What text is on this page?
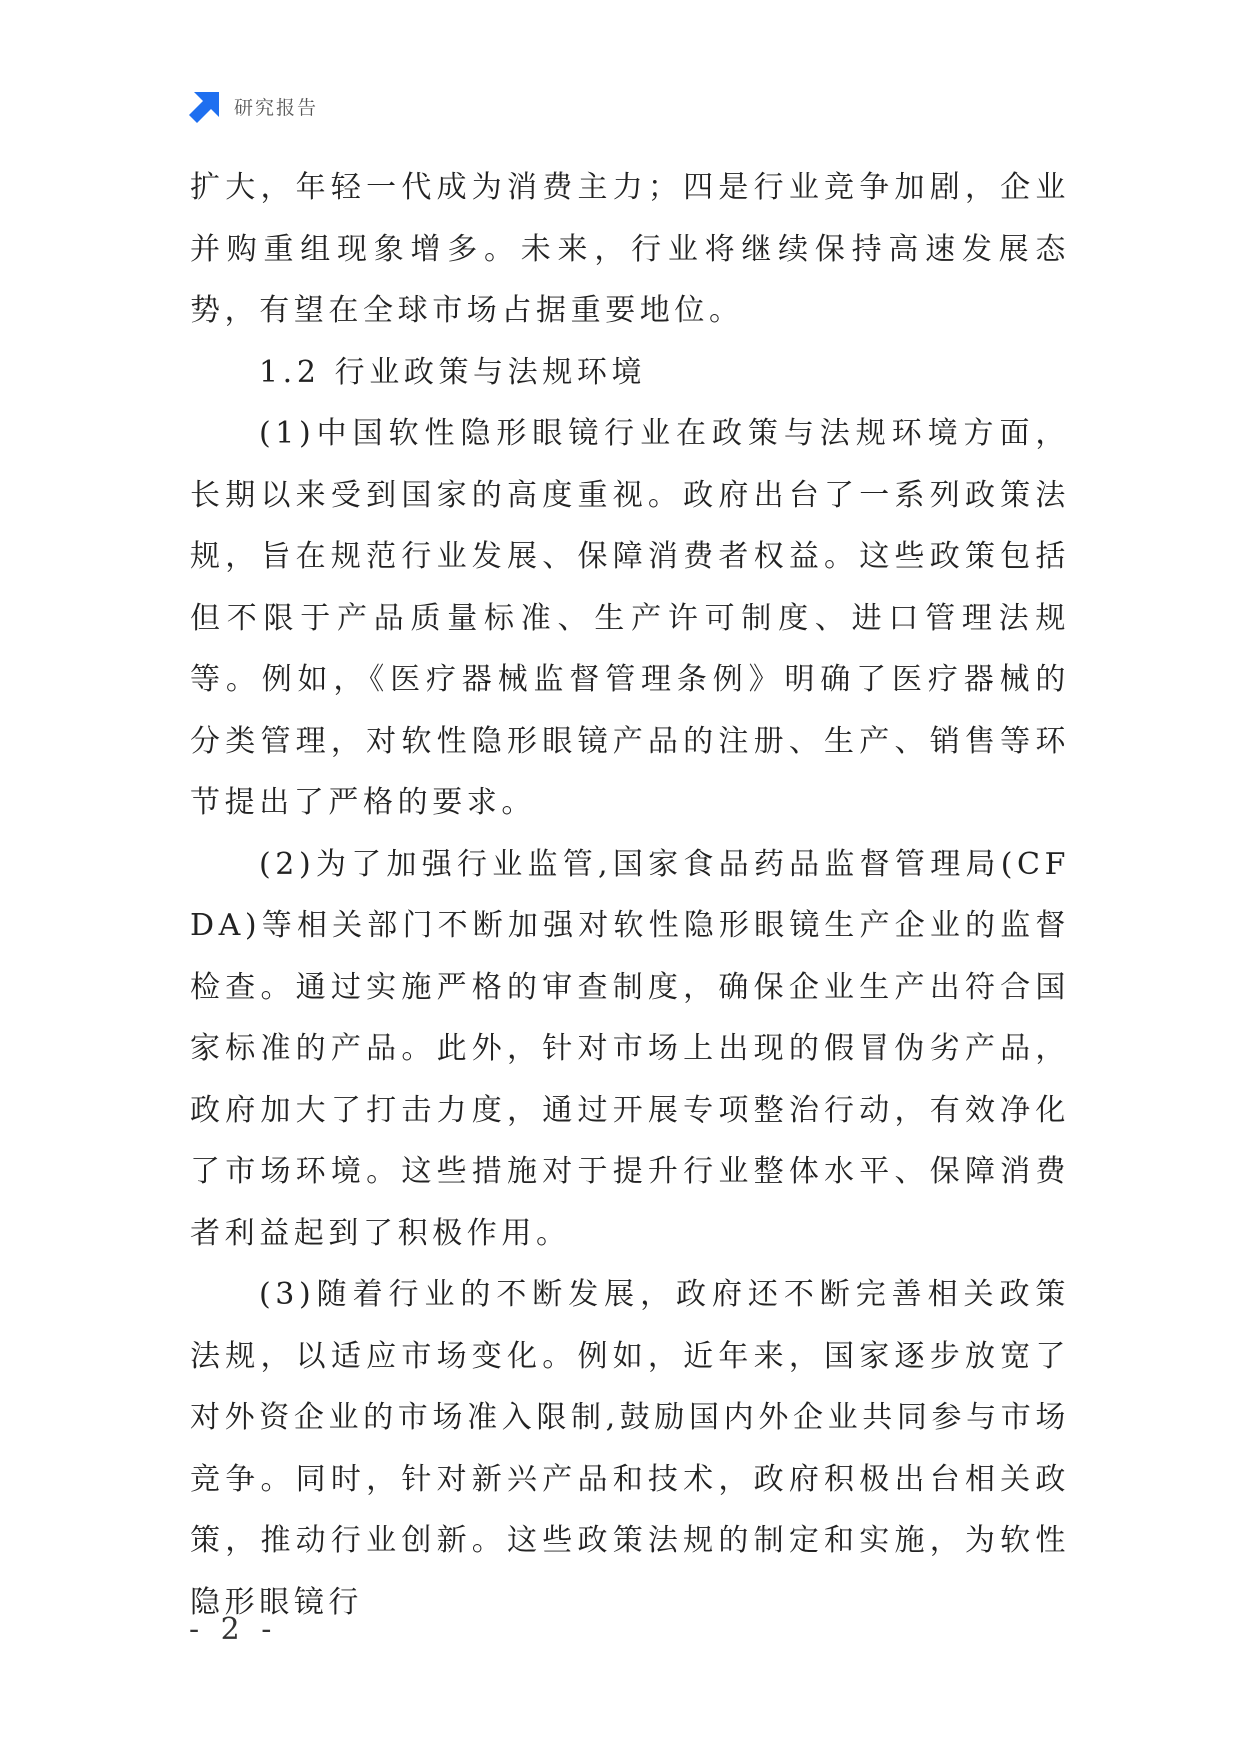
研究报告

扩大，年轻一代成为消费主力；四是行业竞争加剧，企业并购重组现象增多。未来，行业将继续保持高速发展态势，有望在全球市场占据重要地位。

1.2 行业政策与法规环境

(1)中国软性隐形眼镜行业在政策与法规环境方面，长期以来受到国家的高度重视。政府出台了一系列政策法规，旨在规范行业发展、保障消费者权益。这些政策包括但不限于产品质量标准、生产许可制度、进口管理法规等。例如，《医疗器械监督管理条例》明确了医疗器械的分类管理，对软性隐形眼镜产品的注册、生产、销售等环节提出了严格的要求。

(2)为了加强行业监管,国家食品药品监督管理局(CFDA)等相关部门不断加强对软性隐形眼镜生产企业的监督检查。通过实施严格的审查制度，确保企业生产出符合国家标准的产品。此外，针对市场上出现的假冒伪劣产品，政府加大了打击力度，通过开展专项整治行动，有效净化了市场环境。这些措施对于提升行业整体水平、保障消费者利益起到了积极作用。

(3)随着行业的不断发展，政府还不断完善相关政策法规，以适应市场变化。例如，近年来，国家逐步放宽了对外资企业的市场准入限制,鼓励国内外企业共同参与市场竞争。同时，针对新兴产品和技术，政府积极出台相关政策，推动行业创新。这些政策法规的制定和实施，为软性隐形眼镜行

- 2 -
